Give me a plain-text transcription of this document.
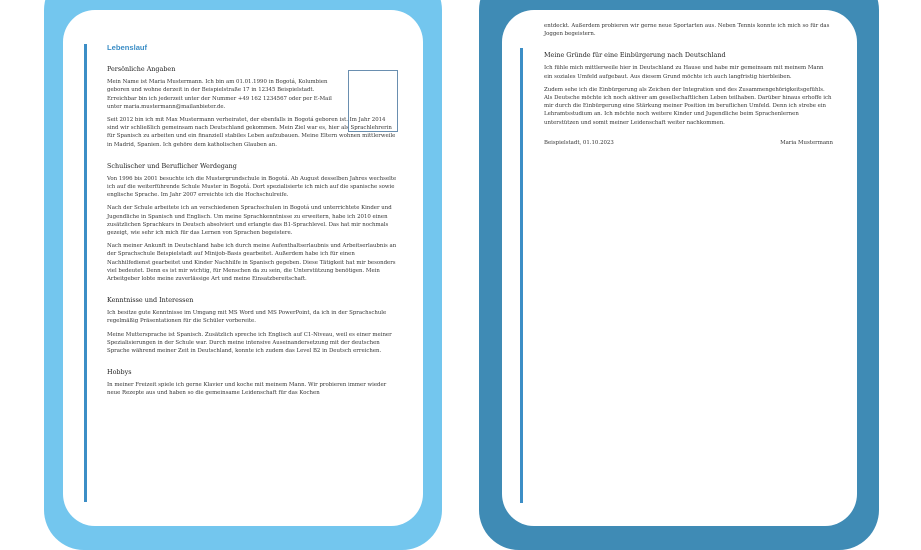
Lebenslauf
Persönliche Angaben

Mein Name ist Maria Mustermann. Ich bin am 01.01.1990 in Bogotá, Kolumbien geboren und wohne derzeit in der Beispielstraße 17 in 12345 Beispielstadt. Erreichbar bin ich jederzeit unter der Nummer +49 162 1234567 oder per E-Mail unter maria.mustermann@mailanbieter.de.

Seit 2012 bin ich mit Max Mustermann verheiratet, der ebenfalls in Bogotá geboren ist. Im Jahr 2014 sind wir schließlich gemeinsam nach Deutschland gekommen. Mein Ziel war es, hier als Sprachlehrerin für Spanisch zu arbeiten und ein finanziell stabiles Leben aufzubauen. Meine Eltern wohnen mittlerweile in Madrid, Spanien. Ich gehöre dem katholischen Glauben an.

Schulischer und Beruflicher Werdegang

Von 1996 bis 2001 besuchte ich die Mustergrundschule in Bogotá. Ab August desselben Jahres wechselte ich auf die weiterführende Schule Muster in Bogotá. Dort spezialisierte ich mich auf die spanische sowie englische Sprache. Im Jahr 2007 erreichte ich die Hochschulreife.

Nach der Schule arbeitete ich an verschiedenen Sprachschulen in Bogotá und unterrichtete Kinder und Jugendliche in Spanisch und Englisch. Um meine Sprachkenntnisse zu erweitern, habe ich 2010 einen zusätzlichen Sprachkurs in Deutsch absolviert und erlangte das B1-Sprachlevel. Das hat mir nochmals gezeigt, wie sehr ich mich für das Lernen von Sprachen begeistere.

Nach meiner Ankunft in Deutschland habe ich durch meine Aufenthaltserlaubnis und Arbeitserlaubnis an der Sprachschule Beispielstadt auf Minijob-Basis gearbeitet. Außerdem habe ich für einen Nachhilfedienst gearbeitet und Kinder Nachhilfe in Spanisch gegeben. Diese Tätigkeit hat mir besonders viel bedeutet. Denn es ist mir wichtig, für Menschen da zu sein, die Unterstützung benötigen. Mein Arbeitgeber lobte meine zuverlässige Art und meine Einsatzbereitschaft.

Kenntnisse und Interessen

Ich besitze gute Kenntnisse im Umgang mit MS Word und MS PowerPoint, da ich in der Sprachschule regelmäßig Präsentationen für die Schüler vorbereite.

Meine Muttersprache ist Spanisch. Zusätzlich spreche ich Englisch auf C1-Niveau, weil es einer meiner Spezialisierungen in der Schule war. Durch meine intensive Auseinandersetzung mit der deutschen Sprache während meiner Zeit in Deutschland, konnte ich zudem das Level B2 in Deutsch erreichen.

Hobbys

In meiner Freizeit spiele ich gerne Klavier und koche mit meinem Mann. Wir probieren immer wieder neue Rezepte aus und haben so die gemeinsame Leidenschaft für das Kochen

entdeckt. Außerdem probieren wir gerne neue Sportarten aus. Neben Tennis konnte ich mich so für das Joggen begeistern.

Meine Gründe für eine Einbürgerung nach Deutschland

Ich fühle mich mittlerweile hier in Deutschland zu Hause und habe mir gemeinsam mit meinem Mann ein soziales Umfeld aufgebaut. Aus diesem Grund möchte ich auch langfristig hierbleiben.

Zudem sehe ich die Einbürgerung als Zeichen der Integration und des Zusammengehörigkeitsgefühls. Als Deutsche möchte ich noch aktiver am gesellschaftlichen Leben teilhaben. Darüber hinaus erhoffe ich mir durch die Einbürgerung eine Stärkung meiner Position im beruflichen Umfeld. Denn ich strebe ein Lehramtsstudium an. Ich möchte noch weitere Kinder und Jugendliche beim Sprachenlernen unterstützen und somit meiner Leidenschaft weiter nachkommen.

Beispielstadt, 01.10.2023	Maria Mustermann
